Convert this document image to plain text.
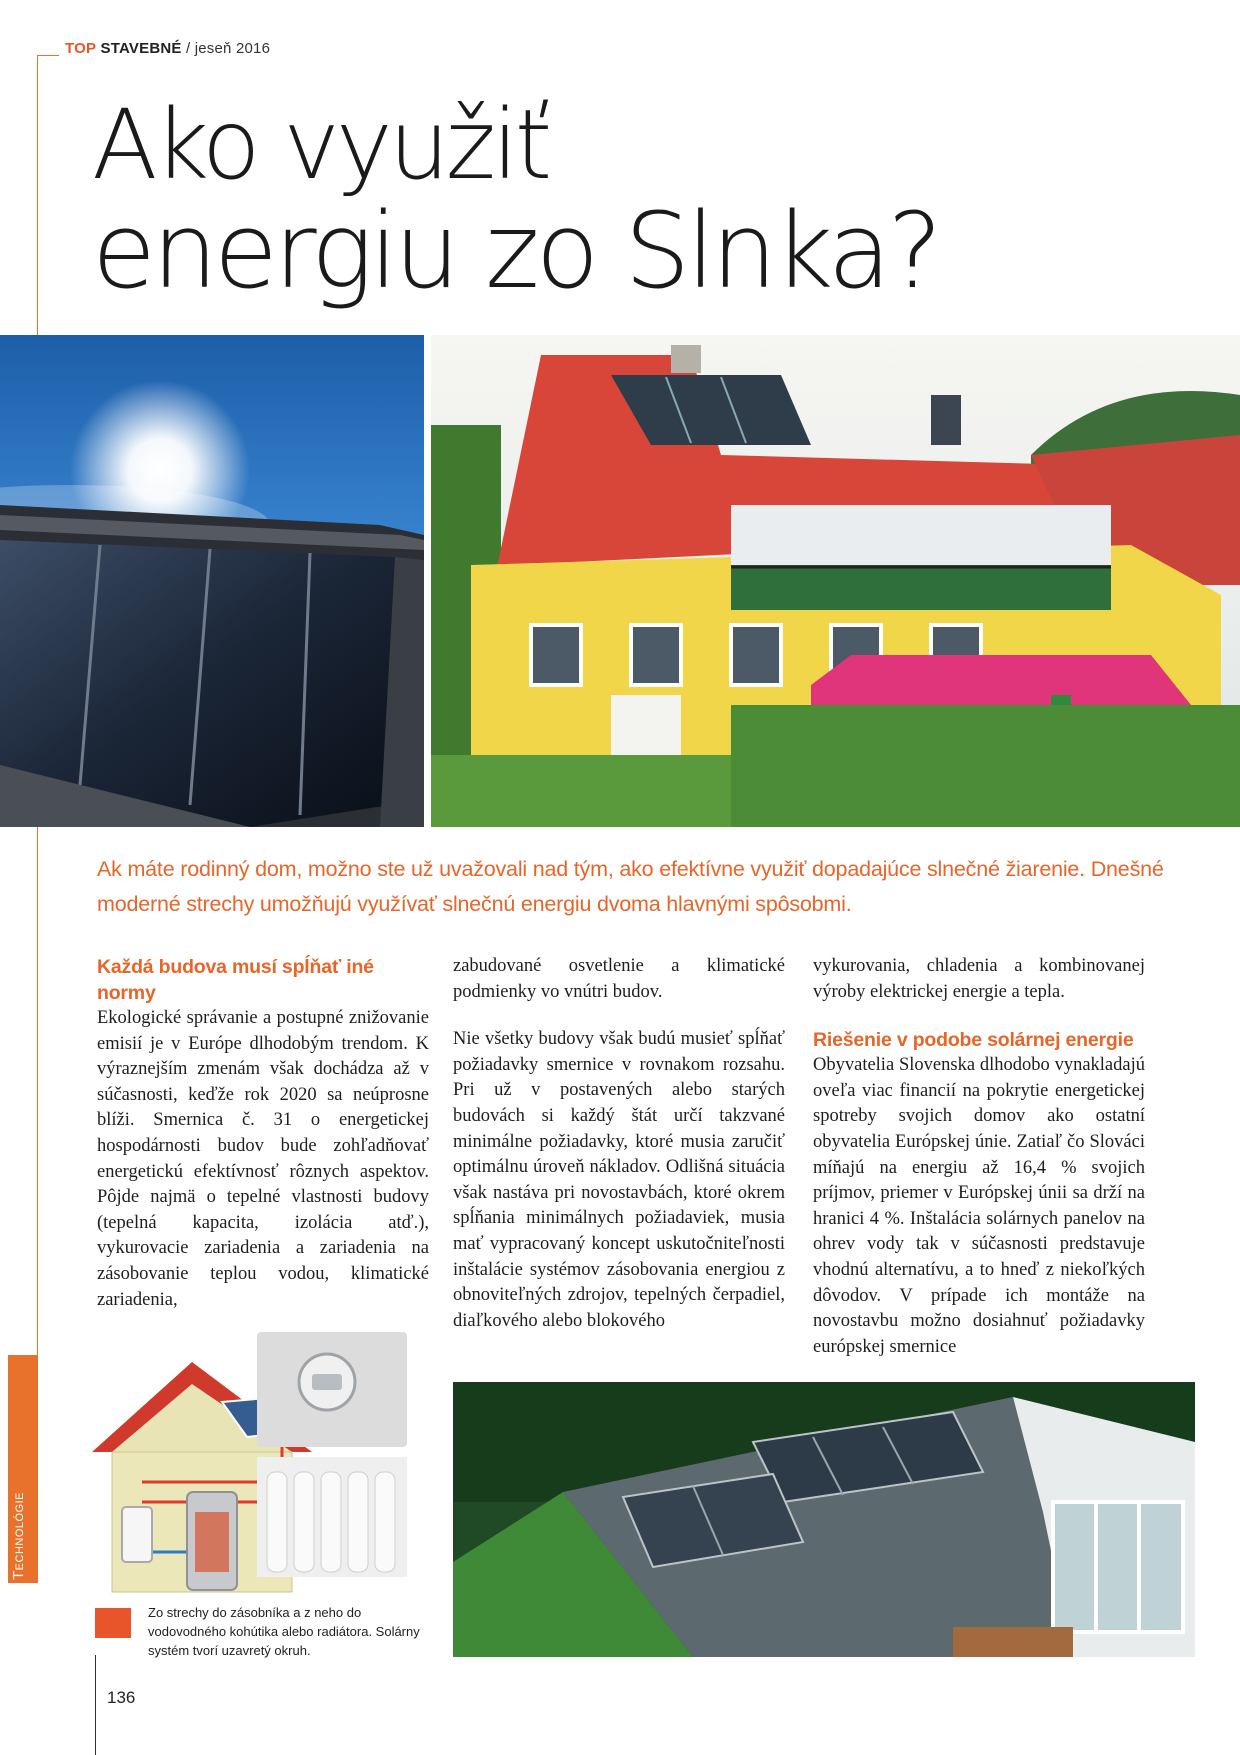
TOP STAVEBNÉ / jeseň 2016
Ako využiť
energiu zo Slnka?

Ak máte rodinný dom, možno ste už uvažovali nad tým, ako efektívne využiť dopadajúce slnečné žiarenie. Dnešné moderné strechy umožňujú využívať slnečnú energiu dvoma hlavnými spôsobmi.

Každá budova musí spĺňať iné normy

Ekologické správanie a postupné znižovanie emisií je v Európe dlhodobým trendom. K výraznejším zmenám však dochádza až v súčasnosti, keďže rok 2020 sa neúprosne blíži. Smernica č. 31 o energetickej hospodárnosti budov bude zohľadňovať energetickú efektívnosť rôznych aspektov. Pôjde najmä o tepelné vlastnosti budovy (tepelná kapacita, izolácia atď.), vykurovacie zariadenia a zariadenia na zásobovanie teplou vodou, klimatické zariadenia,

zabudované osvetlenie a klimatické podmienky vo vnútri budov.

Nie všetky budovy však budú musieť spĺňať požiadavky smernice v rovnakom rozsahu. Pri už v postavených alebo starých budovách si každý štát určí takzvané minimálne požiadavky, ktoré musia zaručiť optimálnu úroveň nákladov. Odlišná situácia však nastáva pri novostavbách, ktoré okrem spĺňania minimálnych požiadaviek, musia mať vypracovaný koncept uskutočniteľnosti inštalácie systémov zásobovania energiou z obnoviteľných zdrojov, tepelných čerpadiel, diaľkového alebo blokového

vykurovania, chladenia a kombinovanej výroby elektrickej energie a tepla.

Riešenie v podobe solárnej energie

Obyvatelia Slovenska dlhodobo vynakladajú oveľa viac financií na pokrytie energetickej spotreby svojich domov ako ostatní obyvatelia Európskej únie. Zatiaľ čo Slováci míňajú na energiu až 16,4 % svojich príjmov, priemer v Európskej únii sa drží na hranici 4 %. Inštalácia solárnych panelov na ohrev vody tak v súčasnosti predstavuje vhodnú alternatívu, a to hneď z niekoľkých dôvodov. V prípade ich montáže na novostavbu možno dosiahnuť požiadavky európskej smernice

Zo strechy do zásobníka a z neho do vodovodného kohútika alebo radiátora. Solárny systém tvorí uzavretý okruh.

Technológie
136
